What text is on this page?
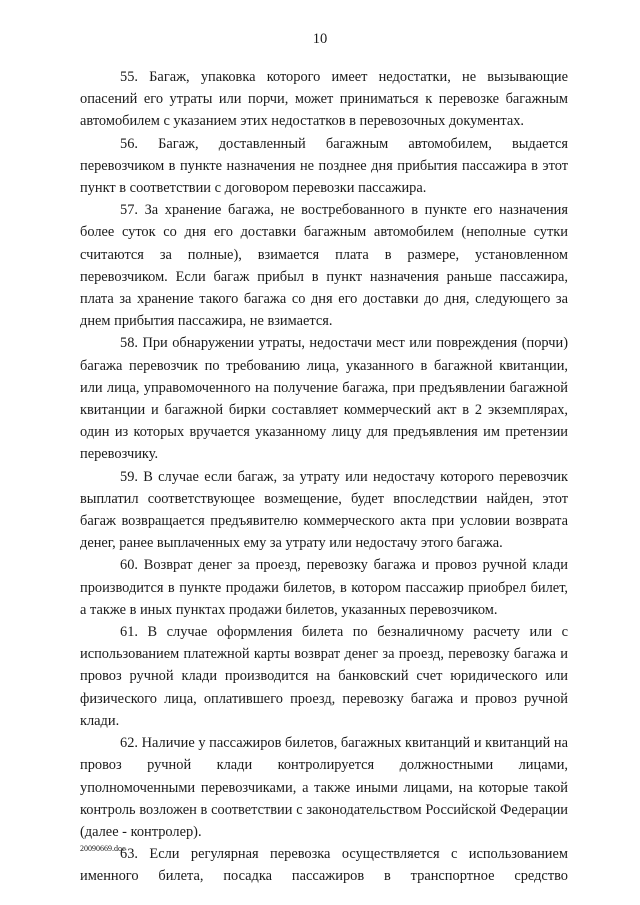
10

55. Багаж, упаковка которого имеет недостатки, не вызывающие опасений его утраты или порчи, может приниматься к перевозке багажным автомобилем с указанием этих недостатков в перевозочных документах.

56. Багаж, доставленный багажным автомобилем, выдается перевозчиком в пункте назначения не позднее дня прибытия пассажира в этот пункт в соответствии с договором перевозки пассажира.

57. За хранение багажа, не востребованного в пункте его назначения более суток со дня его доставки багажным автомобилем (неполные сутки считаются за полные), взимается плата в размере, установленном перевозчиком. Если багаж прибыл в пункт назначения раньше пассажира, плата за хранение такого багажа со дня его доставки до дня, следующего за днем прибытия пассажира, не взимается.

58. При обнаружении утраты, недостачи мест или повреждения (порчи) багажа перевозчик по требованию лица, указанного в багажной квитанции, или лица, управомоченного на получение багажа, при предъявлении багажной квитанции и багажной бирки составляет коммерческий акт в 2 экземплярах, один из которых вручается указанному лицу для предъявления им претензии перевозчику.

59. В случае если багаж, за утрату или недостачу которого перевозчик выплатил соответствующее возмещение, будет впоследствии найден, этот багаж возвращается предъявителю коммерческого акта при условии возврата денег, ранее выплаченных ему за утрату или недостачу этого багажа.

60. Возврат денег за проезд, перевозку багажа и провоз ручной клади производится в пункте продажи билетов, в котором пассажир приобрел билет, а также в иных пунктах продажи билетов, указанных перевозчиком.

61. В случае оформления билета по безналичному расчету или с использованием платежной карты возврат денег за проезд, перевозку багажа и провоз ручной клади производится на банковский счет юридического или физического лица, оплатившего проезд, перевозку багажа и провоз ручной клади.

62. Наличие у пассажиров билетов, багажных квитанций и квитанций на провоз ручной клади контролируется должностными лицами, уполномоченными перевозчиками, а также иными лицами, на которые такой контроль возложен в соответствии с законодательством Российской Федерации (далее - контролер).

63. Если регулярная перевозка осуществляется с использованием именного билета, посадка пассажиров в транспортное средство

20090669.doc
